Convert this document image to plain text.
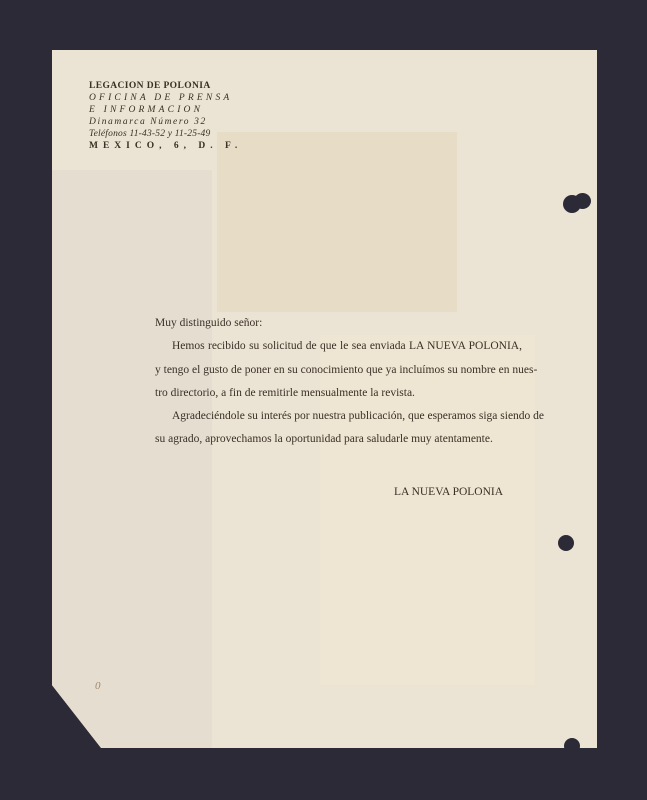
LEGACION DE POLONIA
OFICINA DE PRENSA
E INFORMACION
Dinamarca Número 32
Teléfonos 11-43-52 y 11-25-49
MEXICO, 6, D. F.
Muy distinguido señor:
Hemos recibido su solicitud de que le sea enviada LA NUEVA POLONIA,
y tengo el gusto de poner en su conocimiento que ya incluímos su nombre en nues-
tro directorio, a fin de remitirle mensualmente la revista.
Agradeciéndole su interés por nuestra publicación, que esperamos siga siendo de
su agrado, aprovechamos la oportunidad para saludarle muy atentamente.
LA NUEVA POLONIA
0
